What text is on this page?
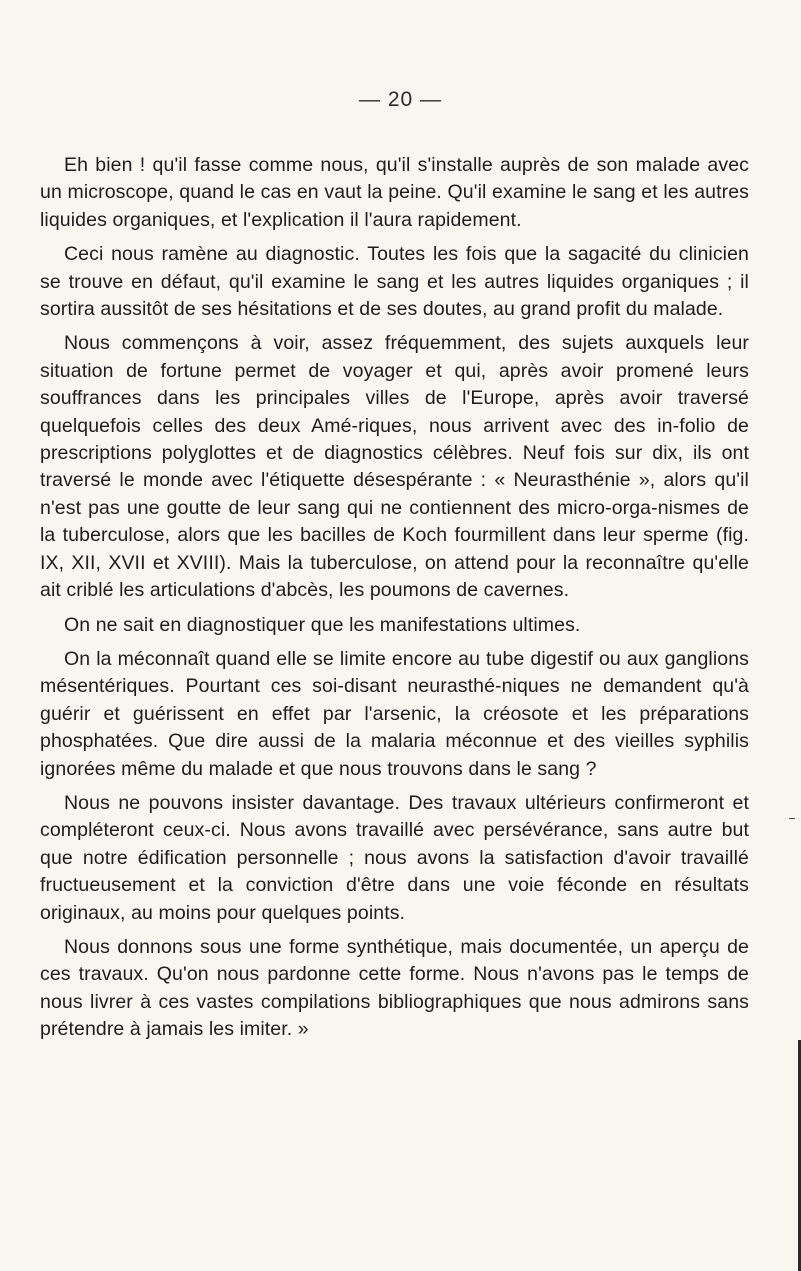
— 20 —

Eh bien ! qu'il fasse comme nous, qu'il s'installe auprès de son malade avec un microscope, quand le cas en vaut la peine. Qu'il examine le sang et les autres liquides organiques, et l'explication il l'aura rapidement.

Ceci nous ramène au diagnostic. Toutes les fois que la sagacité du clinicien se trouve en défaut, qu'il examine le sang et les autres liquides organiques ; il sortira aussitôt de ses hésitations et de ses doutes, au grand profit du malade.

Nous commençons à voir, assez fréquemment, des sujets auxquels leur situation de fortune permet de voyager et qui, après avoir promené leurs souffrances dans les principales villes de l'Europe, après avoir traversé quelquefois celles des deux Amé-riques, nous arrivent avec des in-folio de prescriptions polyglottes et de diagnostics célèbres. Neuf fois sur dix, ils ont traversé le monde avec l'étiquette désespérante : « Neurasthénie », alors qu'il n'est pas une goutte de leur sang qui ne contiennent des micro-orga-nismes de la tuberculose, alors que les bacilles de Koch fourmillent dans leur sperme (fig. IX, XII, XVII et XVIII). Mais la tuberculose, on attend pour la reconnaître qu'elle ait criblé les articulations d'abcès, les poumons de cavernes.

On ne sait en diagnostiquer que les manifestations ultimes.

On la méconnaît quand elle se limite encore au tube digestif ou aux ganglions mésentériques. Pourtant ces soi-disant neurasthé-niques ne demandent qu'à guérir et guérissent en effet par l'arsenic, la créosote et les préparations phosphatées. Que dire aussi de la malaria méconnue et des vieilles syphilis ignorées même du malade et que nous trouvons dans le sang ?

Nous ne pouvons insister davantage. Des travaux ultérieurs confirmeront et compléteront ceux-ci. Nous avons travaillé avec persévérance, sans autre but que notre édification personnelle ; nous avons la satisfaction d'avoir travaillé fructueusement et la conviction d'être dans une voie féconde en résultats originaux, au moins pour quelques points.

Nous donnons sous une forme synthétique, mais documentée, un aperçu de ces travaux. Qu'on nous pardonne cette forme. Nous n'avons pas le temps de nous livrer à ces vastes compilations bibliographiques que nous admirons sans prétendre à jamais les imiter. »
